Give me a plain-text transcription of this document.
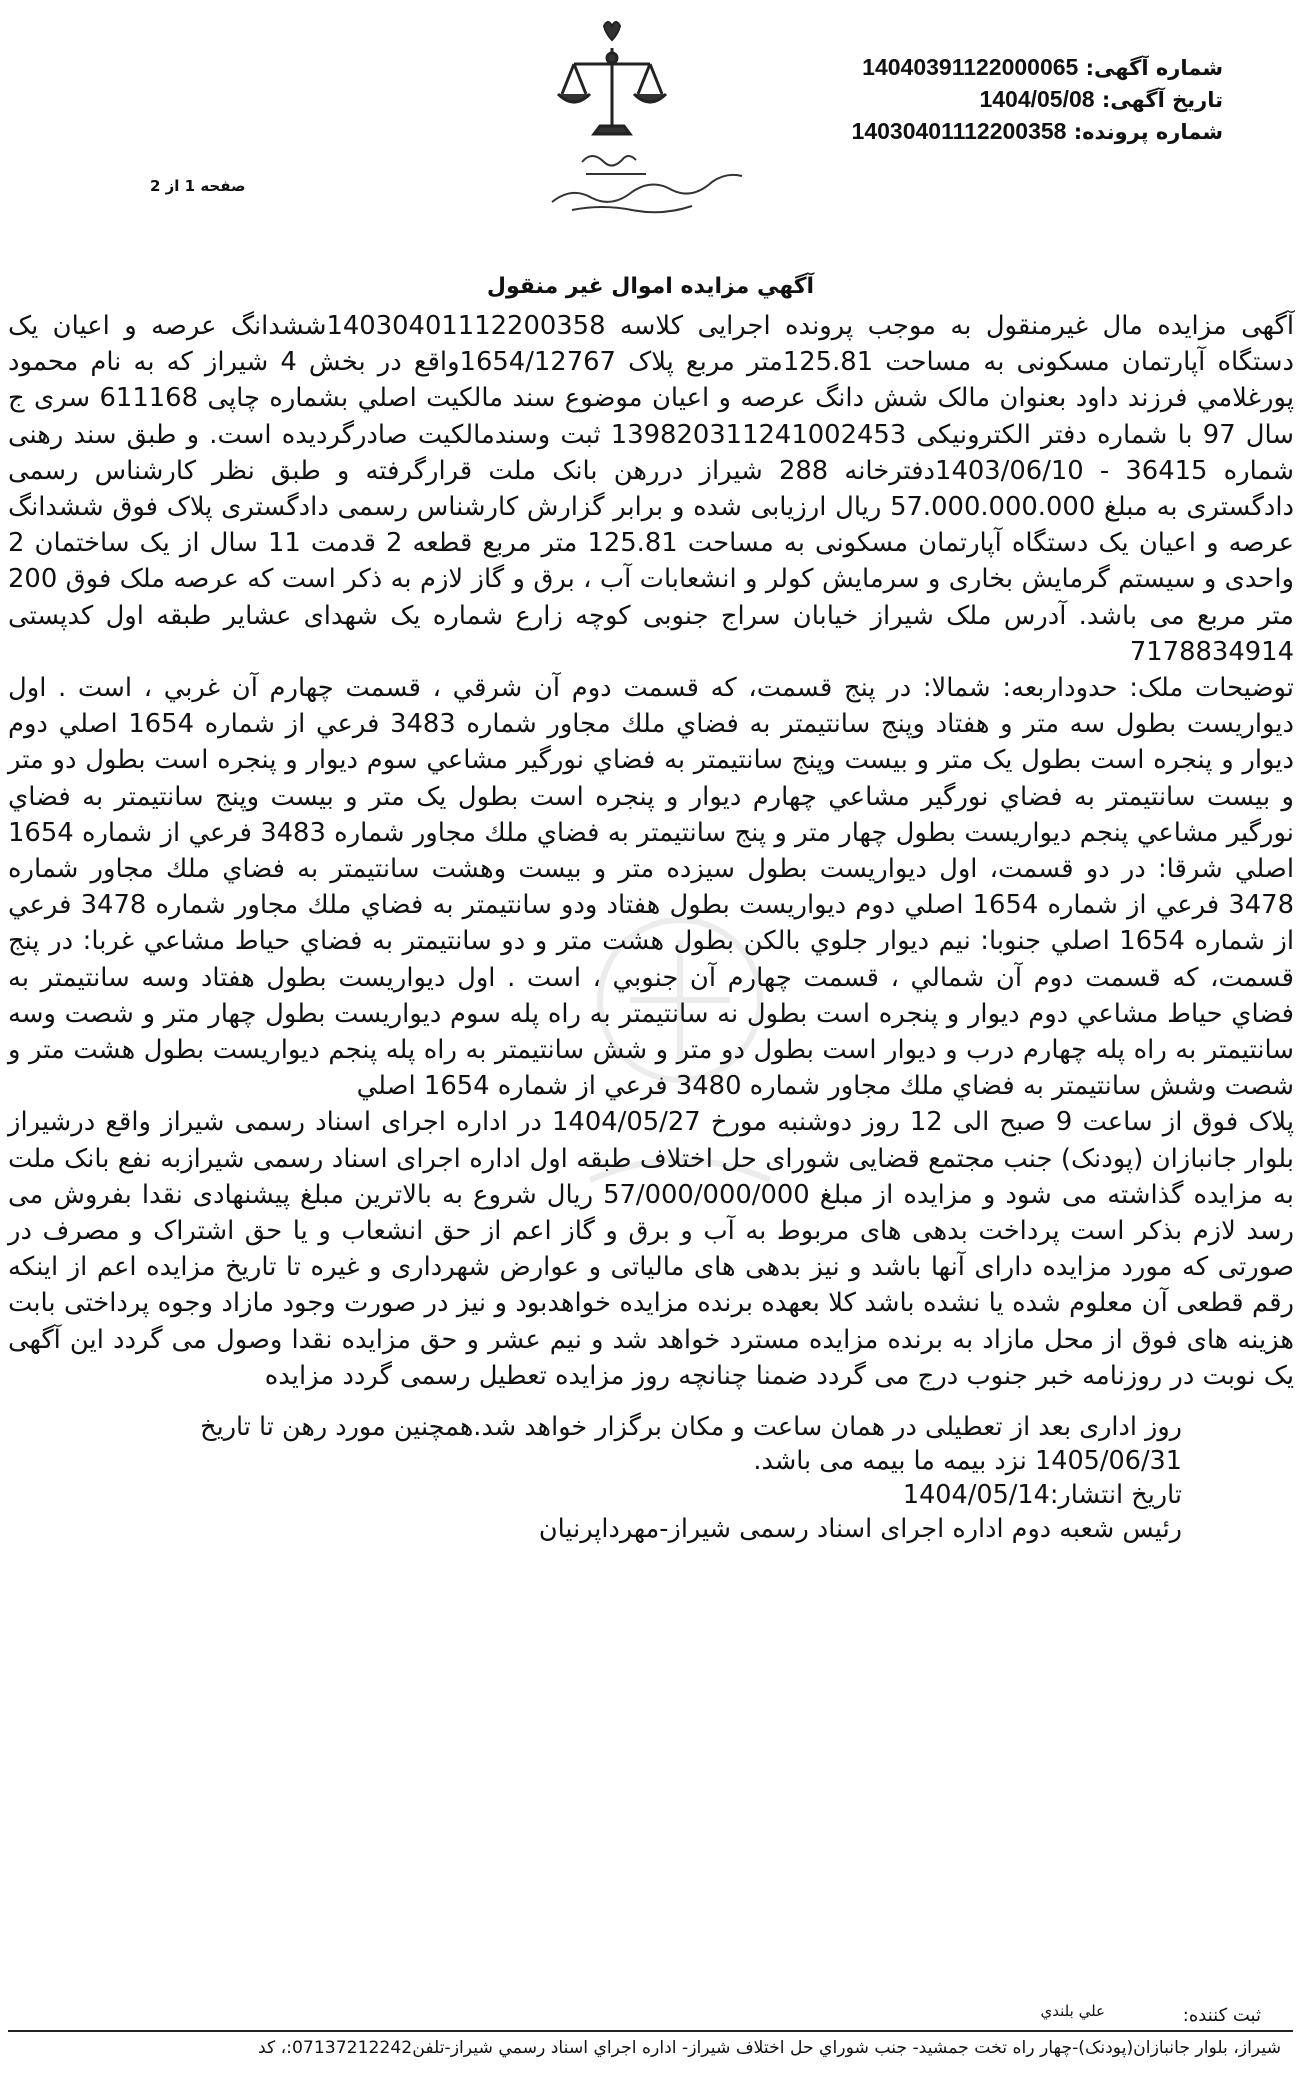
شماره آگهی: 14040391122000065
تاریخ آگهی: 1404/05/08
شماره پرونده: 14030401112200358
صفحه 1 از 2
آگهي مزايده اموال غير منقول

آگهی مزایده مال غیرمنقول به موجب پرونده اجرایی کلاسه 14030401112200358ششدانگ عرصه و اعیان یک دستگاه آپارتمان مسکونی به مساحت 125.81متر مربع پلاک 1654/12767واقع در بخش 4 شیراز که به نام محمود پورغلامي فرزند داود بعنوان مالک شش دانگ عرصه و اعیان موضوع سند مالکیت اصلي بشماره چاپی 611168 سری ج سال 97 با شماره دفتر الکترونیکی 139820311241002453 ثبت وسندمالکیت صادرگردیده است. و طبق سند رهنی شماره 36415 - 1403/06/10دفترخانه 288 شیراز دررهن بانک ملت قرارگرفته و طبق نظر کارشناس رسمی دادگستری به مبلغ 57.000.000.000 ریال ارزیابی شده و برابر گزارش کارشناس رسمی دادگستری پلاک فوق ششدانگ عرصه و اعیان یک دستگاه آپارتمان مسکونی به مساحت 125.81 متر مربع قطعه 2 قدمت 11 سال از یک ساختمان 2 واحدی و سیستم گرمایش بخاری و سرمایش کولر و انشعابات آب ، برق و گاز لازم به ذکر است که عرصه ملک فوق 200 متر مربع می باشد. آدرس ملک شیراز خیابان سراج جنوبی کوچه زارع شماره یک شهدای عشایر طبقه اول کدپستی 7178834914

توضیحات ملک: حدوداربعه: شمالا: در پنج قسمت، که قسمت دوم آن شرقي ، قسمت چهارم آن غربي ، است . اول ديواريست بطول سه متر و هفتاد وپنج سانتيمتر به فضاي ملك مجاور شماره 3483 فرعي از شماره 1654 اصلي دوم ديوار و پنجره است بطول يک متر و بيست وپنج سانتيمتر به فضاي نورگير مشاعي سوم ديوار و پنجره است بطول دو متر و بيست سانتيمتر به فضاي نورگير مشاعي چهارم ديوار و پنجره است بطول يک متر و بيست وپنج سانتيمتر به فضاي نورگير مشاعي پنجم ديواريست بطول چهار متر و پنج سانتيمتر به فضاي ملك مجاور شماره 3483 فرعي از شماره 1654 اصلي شرقا: در دو قسمت، اول ديواريست بطول سيزده متر و بيست وهشت سانتيمتر به فضاي ملك مجاور شماره 3478 فرعي از شماره 1654 اصلي دوم ديواريست بطول هفتاد ودو سانتيمتر به فضاي ملك مجاور شماره 3478 فرعي از شماره 1654 اصلي جنوبا: نيم ديوار جلوي بالكن بطول هشت متر و دو سانتيمتر به فضاي حياط مشاعي غربا: در پنج قسمت، كه قسمت دوم آن شمالي ، قسمت چهارم آن جنوبي ، است . اول ديواريست بطول هفتاد وسه سانتيمتر به فضاي حياط مشاعي دوم ديوار و پنجره است بطول نه سانتيمتر به راه پله سوم ديواريست بطول چهار متر و شصت وسه سانتيمتر به راه پله چهارم درب و ديوار است بطول دو متر و شش سانتيمتر به راه پله پنجم ديواريست بطول هشت متر و شصت وشش سانتيمتر به فضاي ملك مجاور شماره 3480 فرعي از شماره 1654 اصلي

پلاک فوق از ساعت 9 صبح الی 12 روز دوشنبه مورخ 1404/05/27 در اداره اجرای اسناد رسمی شیراز واقع درشیراز بلوار جانبازان (پودنک) جنب مجتمع قضایی شورای حل اختلاف طبقه اول اداره اجرای اسناد رسمی شیرازبه نفع بانک ملت به مزایده گذاشته می شود و مزایده از مبلغ 57/000/000/000 ریال شروع به بالاترین مبلغ پیشنهادی نقدا بفروش می رسد لازم بذکر است پرداخت بدهی های مربوط به آب و برق و گاز اعم از حق انشعاب و یا حق اشتراک و مصرف در صورتی که مورد مزایده دارای آنها باشد و نیز بدهی های مالیاتی و عوارض شهرداری و غیره تا تاریخ مزایده اعم از اینکه رقم قطعی آن معلوم شده یا نشده باشد کلا بعهده برنده مزایده خواهدبود و نیز در صورت وجود مازاد وجوه پرداختی بابت هزینه های فوق از محل مازاد به برنده مزایده مسترد خواهد شد و نیم عشر و حق مزایده نقدا وصول می گردد این آگهی یک نوبت در روزنامه خبر جنوب درج می گردد ضمنا چنانچه روز مزایده تعطیل رسمی گردد مزایده

روز اداری بعد از تعطیلی در همان ساعت و مکان برگزار خواهد شد.همچنین مورد رهن تا تاریخ
1405/06/31 نزد بیمه ما بیمه می باشد.
تاریخ انتشار:1404/05/14
رئیس شعبه دوم اداره اجرای اسناد رسمی شیراز-مهرداپرنیان
ثبت کننده:
علي بلندي
شيراز، بلوار جانبازان(پودنک)-چهار راه تخت جمشيد- جنب شوراي حل اختلاف شيراز- اداره اجراي اسناد رسمي شيراز-تلفن07137212242:، کد
